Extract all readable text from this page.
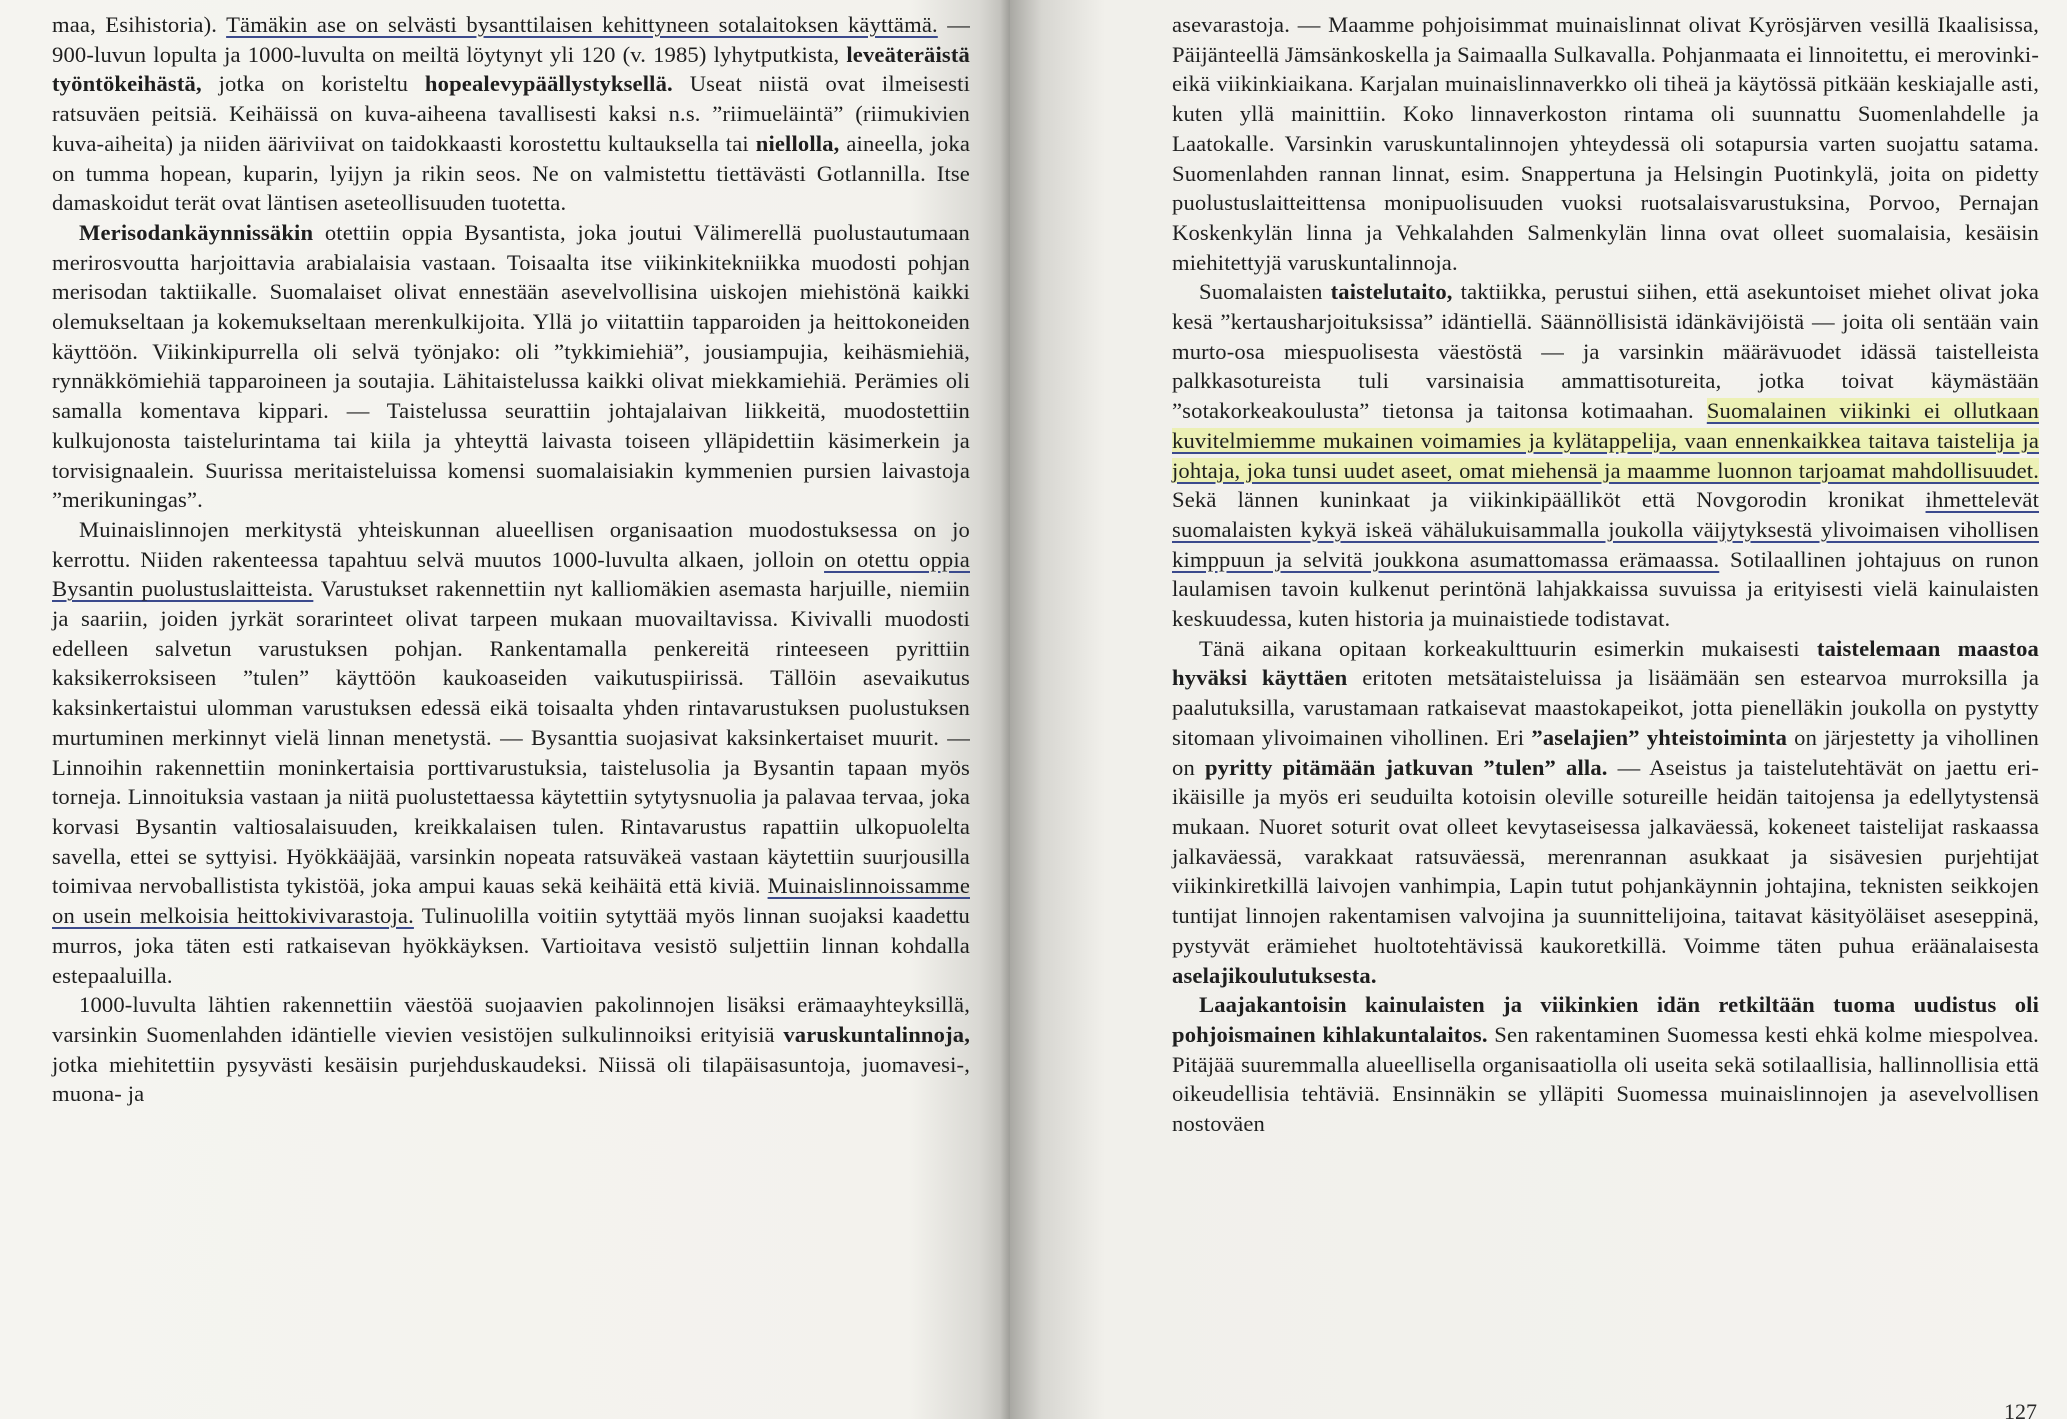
maa, Esihistoria). Tämäkin ase on selvästi bysanttilaisen kehittyneen sotalaitoksen käyttämä. — 900-luvun lopulta ja 1000-luvulta on meiltä löytynyt yli 120 (v. 1985) lyhytputkista, leveäteräistä työntökeihästä, jotka on koristeltu hopealevypäällystyksellä. Useat niistä ovat ilmeisesti ratsuväen peitsiä. Keihäissä on kuva-aiheena tavallisesti kaksi n.s. ”riimueläintä” (riimukivien kuva-aiheita) ja niiden ääriviivat on taidokkaasti korostettu kultauksella tai niellolla, aineella, joka on tumma hopean, kuparin, lyijyn ja rikin seos. Ne on valmistettu tiettävästi Gotlannilla. Itse damaskoidut terät ovat läntisen aseteollisuuden tuotetta.

Merisodankäynnissäkin otettiin oppia Bysantista, joka joutui Välimerellä puolustautumaan merirosvoutta harjoittavia arabialaisia vastaan. Toisaalta itse viikinkitekniikka muodosti pohjan merisodan taktiikalle. Suomalaiset olivat ennestään asevelvollisina uiskojen miehistönä kaikki olemukseltaan ja kokemukseltaan merenkulkijoita. Yllä jo viitattiin tapparoiden ja heittokoneiden käyttöön. Viikinkipurrella oli selvä työnjako: oli ”tykkimiehiä”, jousiampujia, keihäsmiehiä, rynnäkkömiehiä tapparoineen ja soutajia. Lähitaistelussa kaikki olivat miekkamiehiä. Perämies oli samalla komentava kippari. — Taistelussa seurattiin johtajalaivan liikkeitä, muodostettiin kulkujonosta taistelurintama tai kiila ja yhteyttä laivasta toiseen ylläpidettiin käsimerkein ja torvisignaalein. Suurissa meritaisteluissa komensi suomalaisiakin kymmenien pursien laivastoja ”merikuningas”.

Muinaislinnojen merkitystä yhteiskunnan alueellisen organisaation muodostuksessa on jo kerrottu. Niiden rakenteessa tapahtuu selvä muutos 1000-luvulta alkaen, jolloin on otettu oppia Bysantin puolustuslaitteista. Varustukset rakennettiin nyt kalliomäkien asemasta harjuille, niemiin ja saariin, joiden jyrkät sorarinteet olivat tarpeen mukaan muovailtavissa. Kivivalli muodosti edelleen salvetun varustuksen pohjan. Rankentamalla penkereitä rinteeseen pyrittiin kaksikerroksiseen ”tulen” käyttöön kaukoaseiden vaikutuspiirissä. Tällöin asevaikutus kaksinkertaistui ulomman varustuksen edessä eikä toisaalta yhden rintavarustuksen puolustuksen murtuminen merkinnyt vielä linnan menetystä. — Bysanttia suojasivat kaksinkertaiset muurit. — Linnoihin rakennettiin moninkertaisia porttivarustuksia, taistelusolia ja Bysantin tapaan myös torneja. Linnoituksia vastaan ja niitä puolustettaessa käytettiin sytytysnuolia ja palavaa tervaa, joka korvasi Bysantin valtiosalaisuuden, kreikkalaisen tulen. Rintavarustus rapattiin ulkopuolelta savella, ettei se syttyisi. Hyökkääjää, varsinkin nopeata ratsuväkeä vastaan käytettiin suurjousilla toimivaa nervoballistista tykistöä, joka ampui kauas sekä keihäitä että kiviä. Muinaislinnoissamme on usein melkoisia heittokivivarastoja. Tulinuolilla voitiin sytyttää myös linnan suojaksi kaadettu murros, joka täten esti ratkaisevan hyökkäyksen. Vartioitava vesistö suljettiin linnan kohdalla estepaaluilla.

1000-luvulta lähtien rakennettiin väestöä suojaavien pakolinnojen lisäksi erämaayhteyksillä, varsinkin Suomenlahden idäntielle vievien vesistöjen sulkulinnoiksi erityisiä varuskuntalinnoja, jotka miehitettiin pysyvästi kesäisin purjehduskaudeksi. Niissä oli tilapäisasuntoja, juomavesi-, muona- ja

asevarastoja. — Maamme pohjoisimmat muinaislinnat olivat Kyrösjärven vesillä Ikaalisissa, Päijänteellä Jämsänkoskella ja Saimaalla Sulkavalla. Pohjanmaata ei linnoitettu, ei merovinki- eikä viikinkiaikana. Karjalan muinaislinnaverkko oli tiheä ja käytössä pitkään keskiajalle asti, kuten yllä mainittiin. Koko linnaverkoston rintama oli suunnattu Suomenlahdelle ja Laatokalle. Varsinkin varuskuntalinnojen yhteydessä oli sotapursia varten suojattu satama. Suomenlahden rannan linnat, esim. Snappertuna ja Helsingin Puotinkylä, joita on pidetty puolustuslaitteittensa monipuolisuuden vuoksi ruotsalaisvarustuksina, Porvoo, Pernajan Koskenkylän linna ja Vehkalahden Salmenkylän linna ovat olleet suomalaisia, kesäisin miehitettyjä varuskuntalinnoja.

Suomalaisten taistelutaito, taktiikka, perustui siihen, että asekuntoiset miehet olivat joka kesä ”kertausharjoituksissa” idäntiellä. Säännöllisistä idänkävijöistä — joita oli sentään vain murto-osa miespuolisesta väestöstä — ja varsinkin määrävuodet idässä taistelleista palkkasotureista tuli varsinaisia ammattisotureita, jotka toivat käymästään ”sotakorkeakoulusta” tietonsa ja taitonsa kotimaahan. Suomalainen viikinki ei ollutkaan kuvitelmiemme mukainen voimamies ja kylätappelija, vaan ennenkaikkea taitava taistelija ja johtaja, joka tunsi uudet aseet, omat miehensä ja maamme luonnon tarjoamat mahdollisuudet. Sekä lännen kuninkaat ja viikinkipäälliköt että Novgorodin kronikat ihmettelevät suomalaisten kykyä iskeä vähälukuisammalla joukolla väijytyksestä ylivoimaisen vihollisen kimppuun ja selvitä joukkona asumattomassa erämaassa. Sotilaallinen johtajuus on runon laulamisen tavoin kulkenut perintönä lahjakkaissa suvuissa ja erityisesti vielä kainulaisten keskuudessa, kuten historia ja muinaistiede todistavat.

Tänä aikana opitaan korkeakulttuurin esimerkin mukaisesti taistelemaan maastoa hyväksi käyttäen eritoten metsätaisteluissa ja lisäämään sen estearvoa murroksilla ja paalutuksilla, varustamaan ratkaisevat maastokapeikot, jotta pienelläkin joukolla on pystytty sitomaan ylivoimainen vihollinen. Eri ”aselajien” yhteistoiminta on järjestetty ja vihollinen on pyritty pitämään jatkuvan ”tulen” alla. — Aseistus ja taistelutehtävät on jaettu eri-ikäisille ja myös eri seuduilta kotoisin oleville sotureille heidän taitojensa ja edellytystensä mukaan. Nuoret soturit ovat olleet kevytaseisessa jalkaväessä, kokeneet taistelijat raskaassa jalkaväessä, varakkaat ratsuväessä, merenrannan asukkaat ja sisävesien purjehtijat viikinkiretkillä laivojen vanhimpia, Lapin tutut pohjankäynnin johtajina, teknisten seikkojen tuntijat linnojen rakentamisen valvojina ja suunnittelijoina, taitavat käsityöläiset aseseppinä, pystyvät erämiehet huoltotehtävissä kaukoretkillä. Voimme täten puhua eräänalaisesta aselajikoulutuksesta.

Laajakantoisin kainulaisten ja viikinkien idän retkiltään tuoma uudistus oli pohjoismainen kihlakuntalaitos. Sen rakentaminen Suomessa kesti ehkä kolme miespolvea. Pitäjää suuremmalla alueellisella organisaatiolla oli useita sekä sotilaallisia, hallinnollisia että oikeudellisia tehtäviä. Ensinnäkin se ylläpiti Suomessa muinaislinnojen ja asevelvollisen nostoväen

127
